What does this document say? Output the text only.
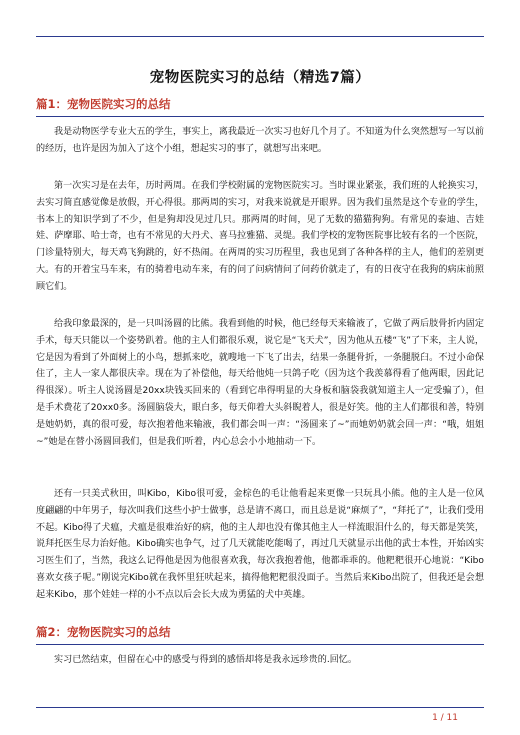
宠物医院实习的总结（精选7篇）
篇1：宠物医院实习的总结

我是动物医学专业大五的学生，事实上，离我最近一次实习也好几个月了。不知道为什么突然想写一写以前的经历，也许是因为加入了这个小组，想起实习的事了，就想写出来吧。

第一次实习是在去年，历时两周。在我们学校附属的宠物医院实习。当时课业紧张，我们班的人轮换实习，去实习简直感觉像是放假，开心得很。那两周的实习，对我来说就是开眼界。因为我们虽然是这个专业的学生，书本上的知识学到了不少，但是狗却没见过几只。那两周的时间，见了无数的猫猫狗狗。有常见的泰迪、吉娃娃、萨摩耶、哈士奇，也有不常见的大丹犬、喜马拉雅猫、灵缇。我们学校的宠物医院事比较有名的一个医院，门诊量特别大，每天鸡飞狗跳的，好不热闹。在两周的实习历程里，我也见到了各种各样的主人，他们的差别更大。有的开着宝马车来，有的骑着电动车来，有的问了问病情问了问药价就走了，有的日夜守在我狗的病床前照顾它们。

给我印象最深的，是一只叫汤圆的比熊。我看到他的时候，他已经每天来输液了，它做了两后肢骨折内固定手术，每天只能以一个姿势趴着。他的主人们都很乐观，说它是“飞天犬”，因为他从五楼“飞”了下来，主人说，它是因为看到了外面树上的小鸟，想抓来吃，就嗖地一下飞了出去，结果一条腿骨折，一条腿脱臼。不过小命保住了，主人一家人都很庆幸。现在为了补偿他，每天给他炖一只鸽子吃（因为这个我羡慕得看了他两眼，因此记得很深）。听主人说汤圆是20xx块钱买回来的（看到它串得明显的大身板和脑袋我就知道主人一定受骗了），但是手术费花了20xx0多。汤圆脑袋大，眼白多，每天仰着大头斜睨着人，很是好笑。他的主人们都很和善，特别是她奶奶，真的很可爱，每次抱着他来输液，我们都会叫一声：“汤圆来了~”而她奶奶就会回一声：“哦，姐姐~”她是在替小汤圆回我们，但是我们听着，内心总会小小地抽动一下。

还有一只美式秋田，叫Kibo，Kibo很可爱，金棕色的毛让他看起来更像一只玩具小熊。他的主人是一位风度翩翩的中年男子，每次叫我们这些小护士做事，总是请不离口，而且总是说“麻烦了”，“拜托了”，让我们受用不起。Kibo得了犬瘟，犬瘟是很难治好的病，他的主人却也没有像其他主人一样流眼泪什么的，每天都是笑笑，说拜托医生尽力治好他。Kibo确实也争气，过了几天就能吃能喝了，再过几天就显示出他的武士本性，开始凶实习医生们了，当然，我这么记得他是因为他很喜欢我，每次我抱着他，他都乖乖的。他粑粑很开心地说：“Kibo喜欢女孩子呢。”刚说完Kibo就在我怀里狂吠起来，搞得他粑粑很没面子。当然后来Kibo出院了，但我还是会想起来Kibo，那个娃娃一样的小不点以后会长大成为勇猛的犬中英雄。

篇2：宠物医院实习的总结

实习已然结束，但留在心中的感受与得到的感悟却将是我永远珍贵的.回忆。

1 / 11
